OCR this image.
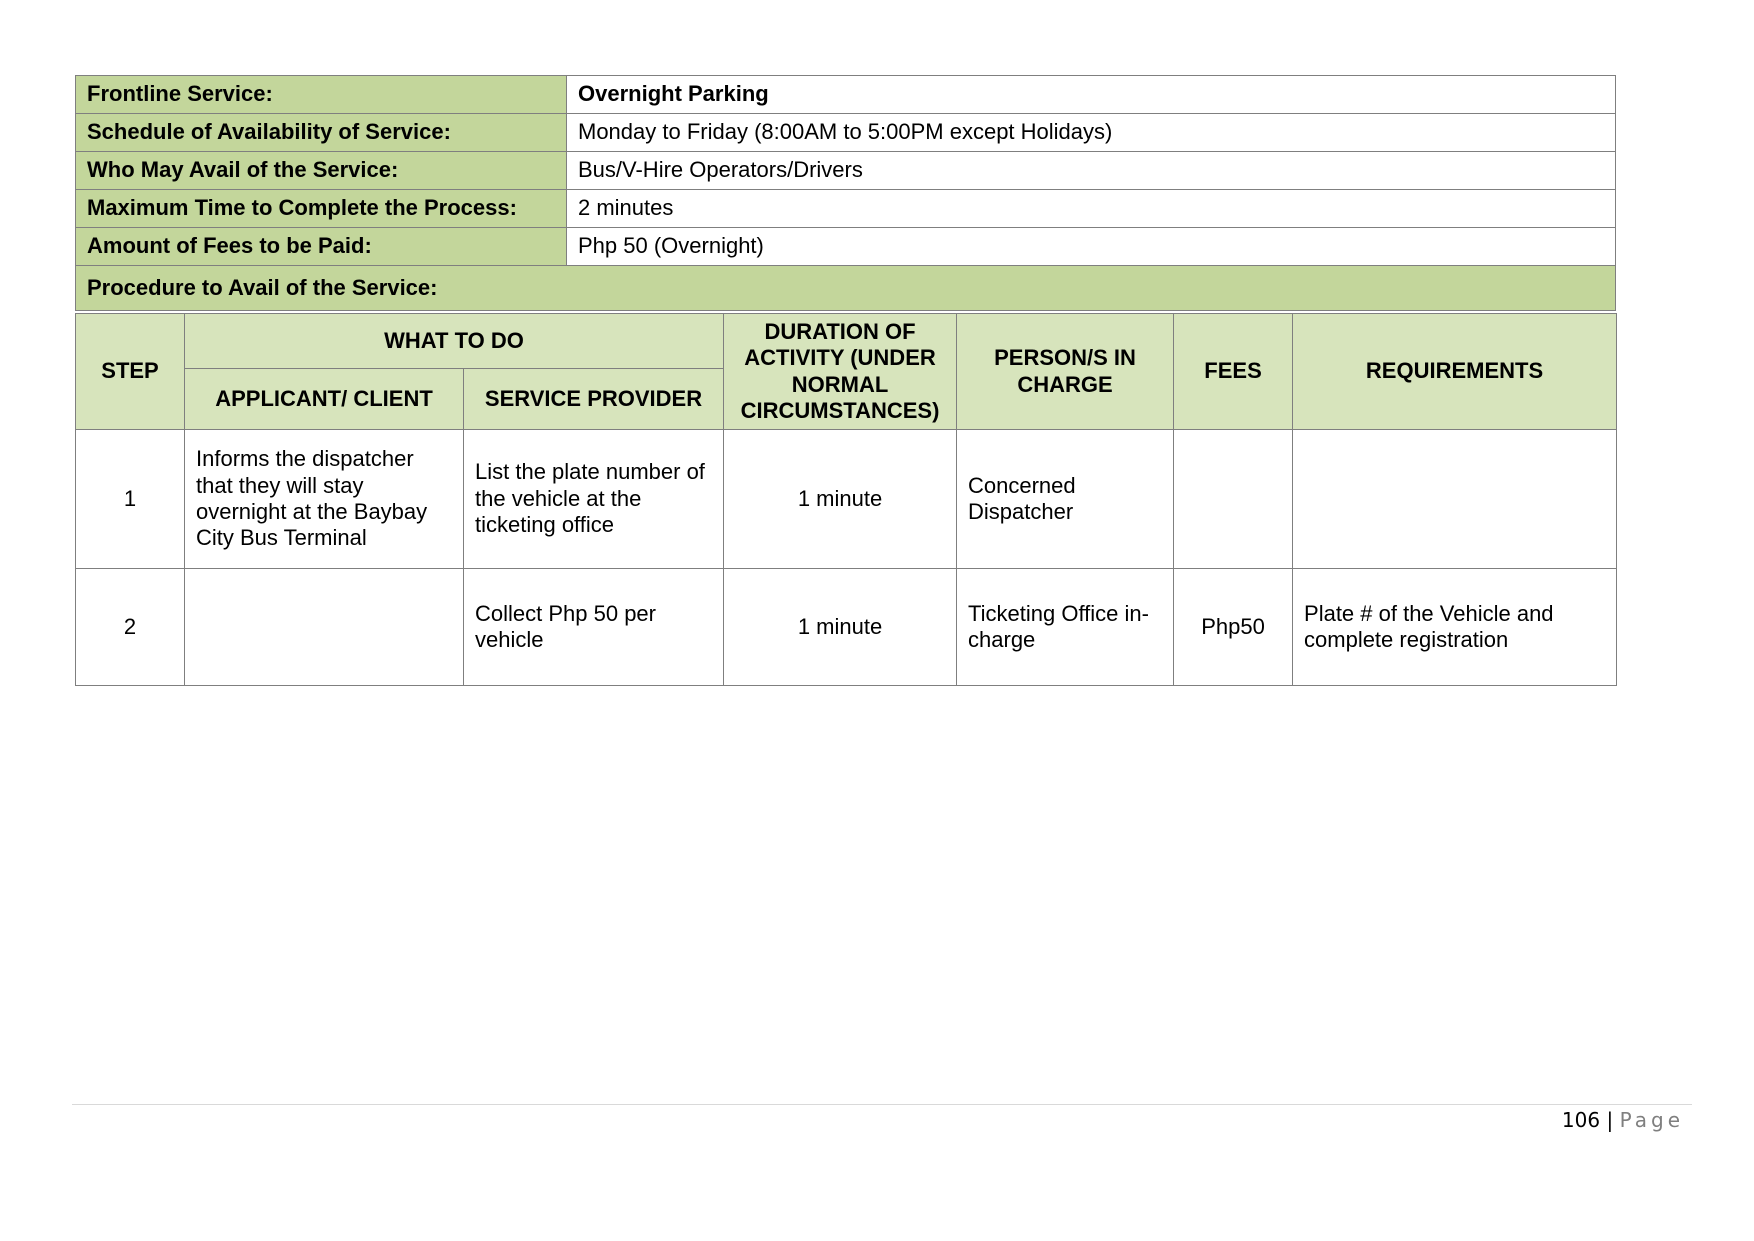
Frontline Service:	Overnight Parking
Schedule of Availability of Service:	Monday to Friday (8:00AM to 5:00PM except Holidays)
Who May Avail of the Service:	Bus/V-Hire Operators/Drivers
Maximum Time to Complete the Process:	2 minutes
Amount of Fees to be Paid:	Php 50 (Overnight)
Procedure to Avail of the Service:	
STEP	WHAT TO DO		DURATION OF ACTIVITY (UNDER NORMAL CIRCUMSTANCES)	PERSON/S IN CHARGE	FEES	REQUIREMENTS
	APPLICANT/ CLIENT	SERVICE PROVIDER				
1	Informs the dispatcher that they will stay overnight at the Baybay City Bus Terminal	List the plate number of the vehicle at the ticketing office	1 minute	Concerned Dispatcher		
2		Collect Php 50 per vehicle	1 minute	Ticketing Office in-charge	Php50	Plate # of the Vehicle and complete registration
106 | Page
